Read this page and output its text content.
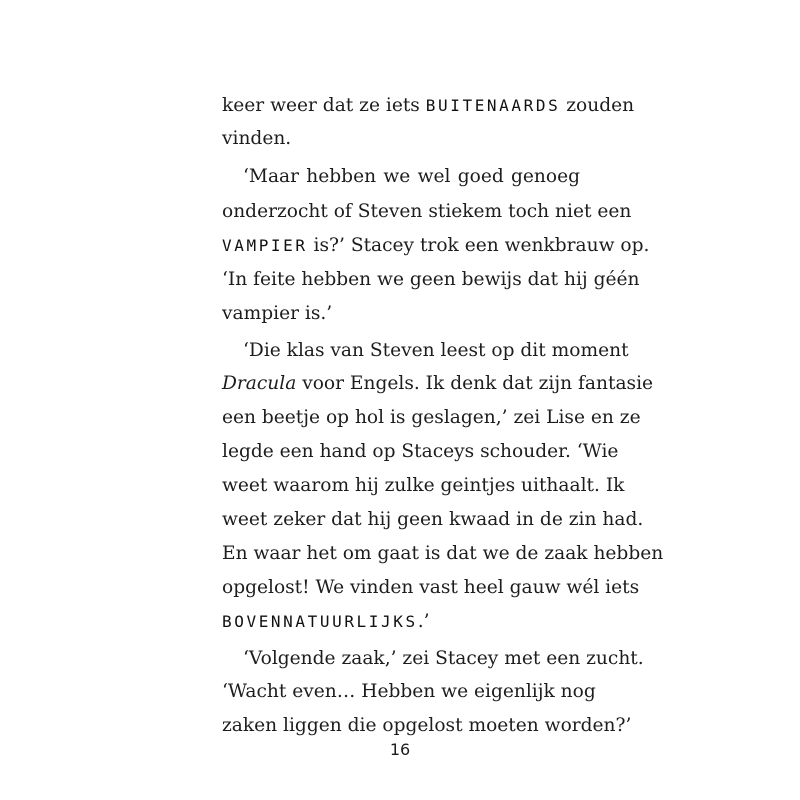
keer weer dat ze iets BUITENAARDS zouden
vinden.
‘Maar hebben we wel goed genoeg
onderzocht of Steven stiekem toch niet een
VAMPIER is?’ Stacey trok een wenkbrauw op.
‘In feite hebben we geen bewijs dat hij géén
vampier is.’
‘Die klas van Steven leest op dit moment
Dracula voor Engels. Ik denk dat zijn fantasie
een beetje op hol is geslagen,’ zei Lise en ze
legde een hand op Staceys schouder. ‘Wie
weet waarom hij zulke geintjes uithaalt. Ik
weet zeker dat hij geen kwaad in de zin had.
En waar het om gaat is dat we de zaak hebben
opgelost! We vinden vast heel gauw wél iets
BOVENNATUURLIJKS.’
‘Volgende zaak,’ zei Stacey met een zucht.
‘Wacht even… Hebben we eigenlijk nog
zaken liggen die opgelost moeten worden?’
16
